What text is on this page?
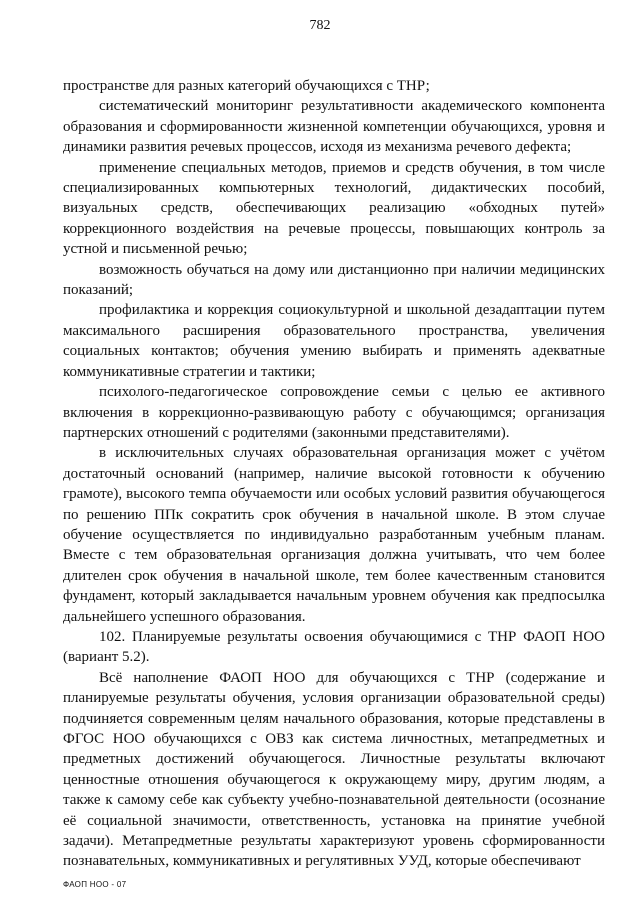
782

пространстве для разных категорий обучающихся с ТНР;

систематический мониторинг результативности академического компонента образования и сформированности жизненной компетенции обучающихся, уровня и динамики развития речевых процессов, исходя из механизма речевого дефекта;

применение специальных методов, приемов и средств обучения, в том числе специализированных компьютерных технологий, дидактических пособий, визуальных средств, обеспечивающих реализацию «обходных путей» коррекционного воздействия на речевые процессы, повышающих контроль за устной и письменной речью;

возможность обучаться на дому или дистанционно при наличии медицинских показаний;

профилактика и коррекция социокультурной и школьной дезадаптации путем максимального расширения образовательного пространства, увеличения социальных контактов; обучения умению выбирать и применять адекватные коммуникативные стратегии и тактики;

психолого-педагогическое сопровождение семьи с целью ее активного включения в коррекционно-развивающую работу с обучающимся; организация партнерских отношений с родителями (законными представителями).

в исключительных случаях образовательная организация может с учётом достаточный оснований (например, наличие высокой готовности к обучению грамоте), высокого темпа обучаемости или особых условий развития обучающегося по решению ППк сократить срок обучения в начальной школе. В этом случае обучение осуществляется по индивидуально разработанным учебным планам. Вместе с тем образовательная организация должна учитывать, что чем более длителен срок обучения в начальной школе, тем более качественным становится фундамент, который закладывается начальным уровнем обучения как предпосылка дальнейшего успешного образования.

102. Планируемые результаты освоения обучающимися с ТНР ФАОП НОО (вариант 5.2).

Всё наполнение ФАОП НОО для обучающихся с ТНР (содержание и планируемые результаты обучения, условия организации образовательной среды) подчиняется современным целям начального образования, которые представлены в ФГОС НОО обучающихся с ОВЗ как система личностных, метапредметных и предметных достижений обучающегося. Личностные результаты включают ценностные отношения обучающегося к окружающему миру, другим людям, а также к самому себе как субъекту учебно-познавательной деятельности (осознание её социальной значимости, ответственность, установка на принятие учебной задачи). Метапредметные результаты характеризуют уровень сформированности познавательных, коммуникативных и регулятивных УУД, которые обеспечивают

ФАОП НОО - 07
